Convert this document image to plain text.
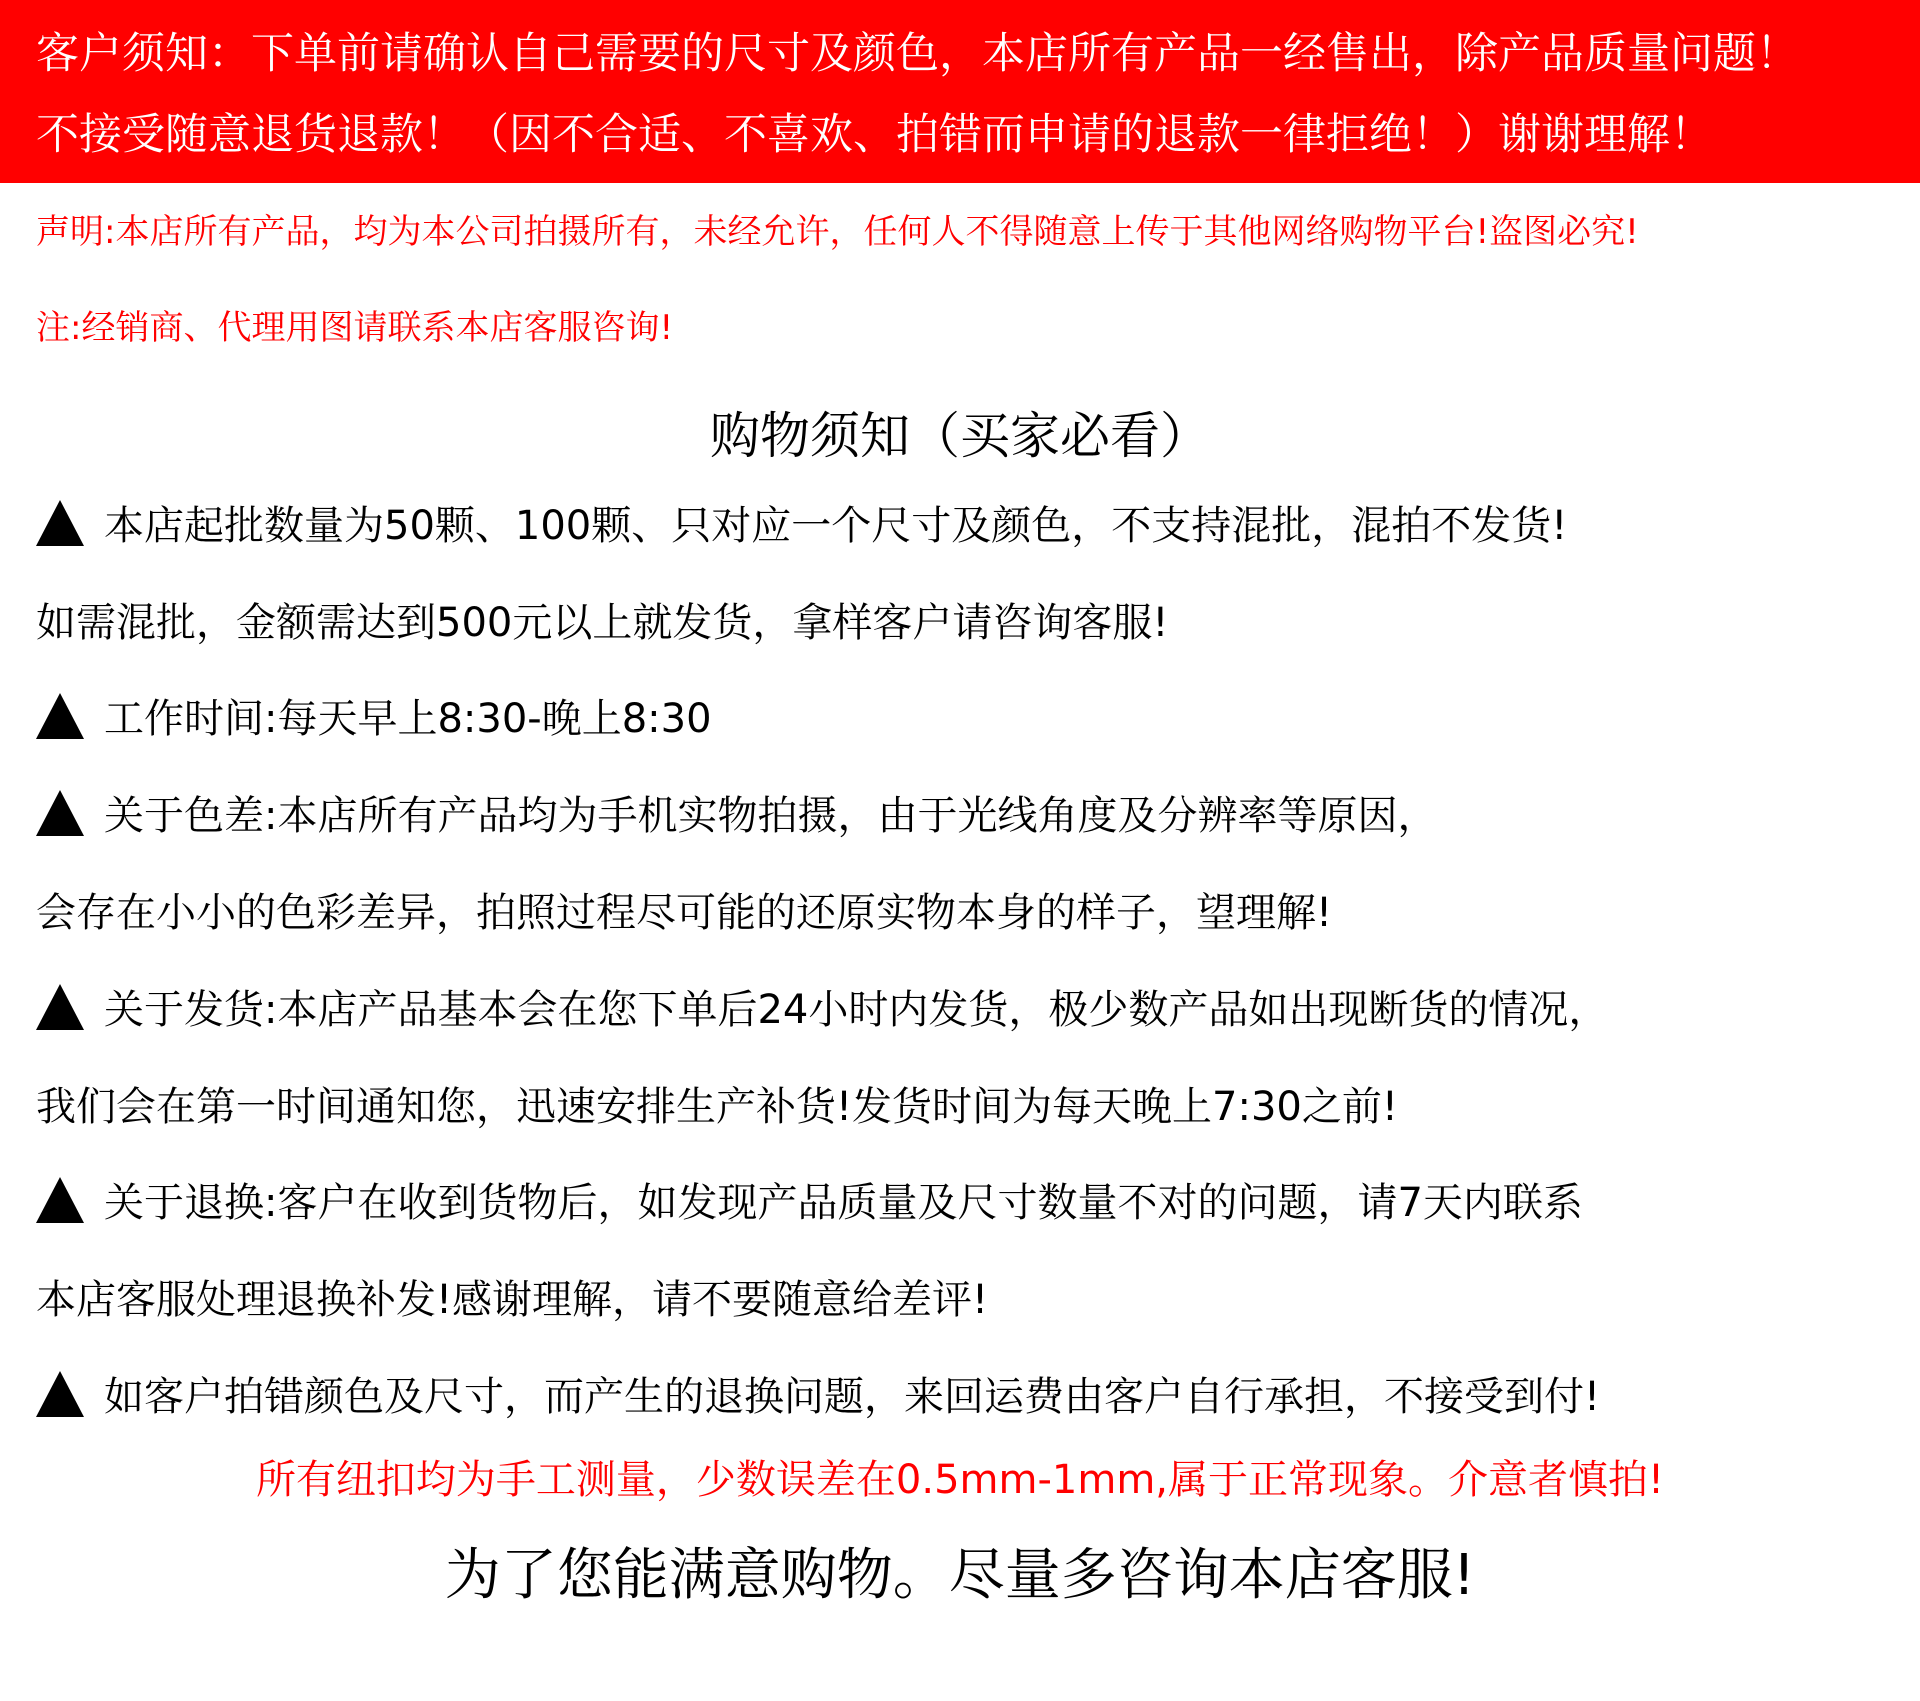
客户须知：下单前请确认自己需要的尺寸及颜色，本店所有产品一经售出，除产品质量问题！
不接受随意退货退款！（因不合适、不喜欢、拍错而申请的退款一律拒绝！）谢谢理解！
声明:本店所有产品，均为本公司拍摄所有，未经允许，任何人不得随意上传于其他网络购物平台!盗图必究!
注:经销商、代理用图请联系本店客服咨询!
购物须知（买家必看）
本店起批数量为50颗、100颗、只对应一个尺寸及颜色，不支持混批，混拍不发货!
如需混批，金额需达到500元以上就发货，拿样客户请咨询客服!
工作时间:每天早上8:30-晚上8:30
关于色差:本店所有产品均为手机实物拍摄，由于光线角度及分辨率等原因，
会存在小小的色彩差异，拍照过程尽可能的还原实物本身的样子，望理解!
关于发货:本店产品基本会在您下单后24小时内发货，极少数产品如出现断货的情况，
我们会在第一时间通知您，迅速安排生产补货!发货时间为每天晚上7:30之前!
关于退换:客户在收到货物后，如发现产品质量及尺寸数量不对的问题，请7天内联系
本店客服处理退换补发!感谢理解，请不要随意给差评!
如客户拍错颜色及尺寸，而产生的退换问题，来回运费由客户自行承担，不接受到付!
所有纽扣均为手工测量，少数误差在0.5mm-1mm,属于正常现象。介意者慎拍!
为了您能满意购物。尽量多咨询本店客服!
